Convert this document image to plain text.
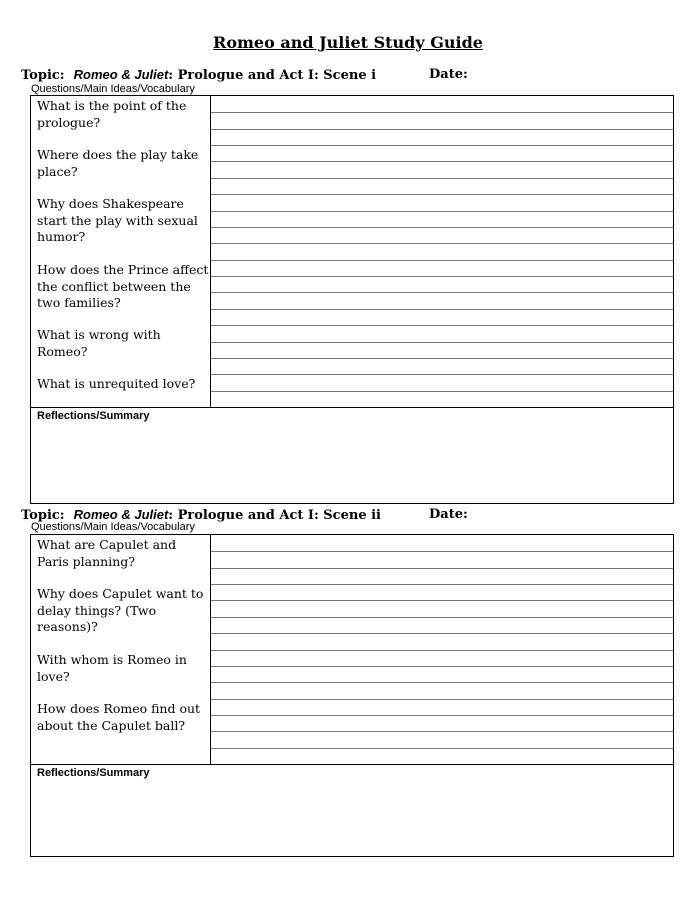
Romeo and Juliet Study Guide
Topic: Romeo & Juliet: Prologue and Act I: Scene i	Date:
Questions/Main Ideas/Vocabulary
What is the point of the prologue?
Where does the play take place?
Why does Shakespeare start the play with sexual humor?
How does the Prince affect the conflict between the two families?
What is wrong with Romeo?
What is unrequited love?
Reflections/Summary
Topic: Romeo & Juliet: Prologue and Act I: Scene ii	Date:
Questions/Main Ideas/Vocabulary
What are Capulet and Paris planning?
Why does Capulet want to delay things? (Two reasons)?
With whom is Romeo in love?
How does Romeo find out about the Capulet ball?
Reflections/Summary
